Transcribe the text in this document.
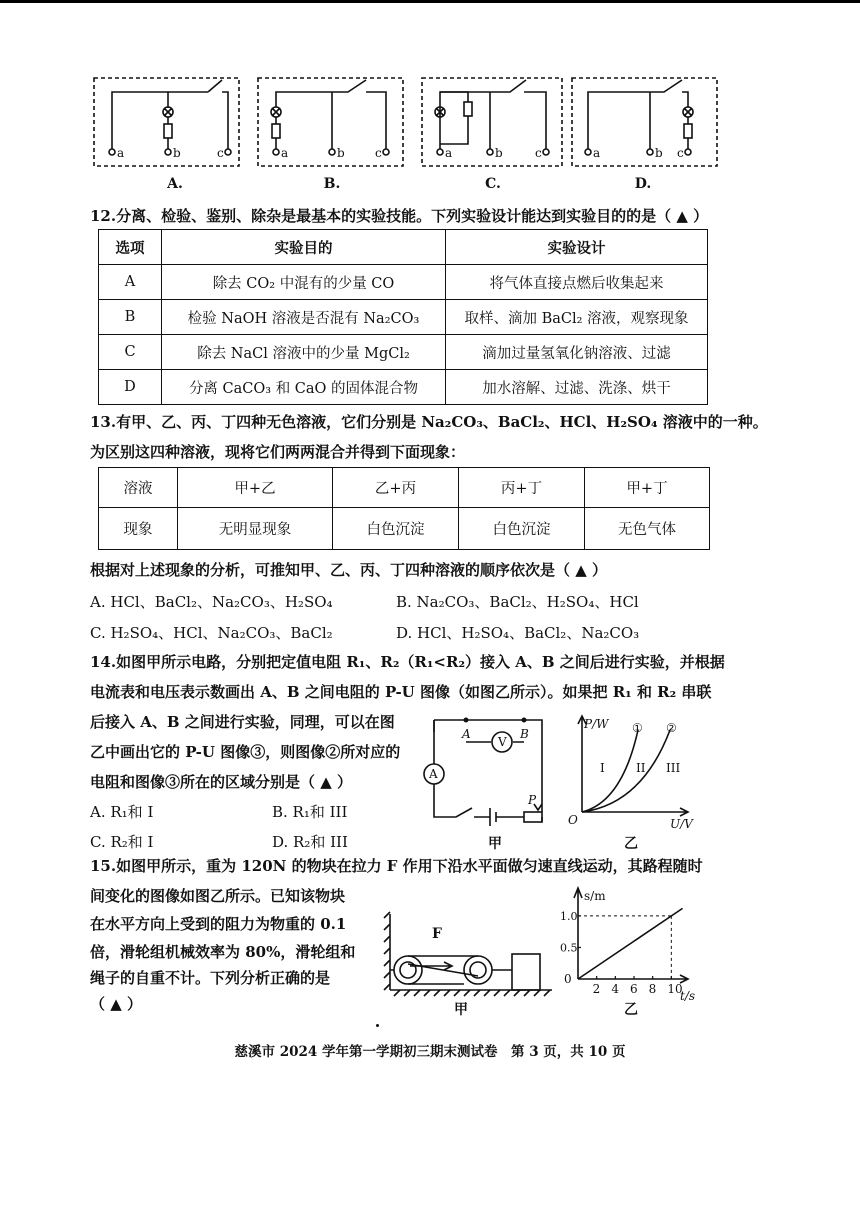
a	b	c	a	b	c	a	b	c	a	b c
A.	B.	C.	D.
12.分离、检验、鉴别、除杂是最基本的实验技能。下列实验设计能达到实验目的的是（ ▲ ）
选项	实验目的	实验设计
A	除去 CO₂ 中混有的少量 CO	将气体直接点燃后收集起来
B	检验 NaOH 溶液是否混有 Na₂CO₃	取样、滴加 BaCl₂ 溶液，观察现象
C	除去 NaCl 溶液中的少量 MgCl₂	滴加过量氢氧化钠溶液、过滤
D	分离 CaCO₃ 和 CaO 的固体混合物	加水溶解、过滤、洗涤、烘干
13.有甲、乙、丙、丁四种无色溶液，它们分别是 Na₂CO₃、BaCl₂、HCl、H₂SO₄ 溶液中的一种。
为区别这四种溶液，现将它们两两混合并得到下面现象：
溶液	甲+乙	乙+丙	丙+丁	甲+丁
现象	无明显现象	白色沉淀	白色沉淀	无色气体
根据对上述现象的分析，可推知甲、乙、丙、丁四种溶液的顺序依次是（ ▲ ）
A. HCl、BaCl₂、Na₂CO₃、H₂SO₄	B. Na₂CO₃、BaCl₂、H₂SO₄、HCl
C. H₂SO₄、HCl、Na₂CO₃、BaCl₂	D. HCl、H₂SO₄、BaCl₂、Na₂CO₃
14.如图甲所示电路，分别把定值电阻 R₁、R₂（R₁<R₂）接入 A、B 之间后进行实验，并根据
电流表和电压表示数画出 A、B 之间电阻的 P-U 图像（如图乙所示）。如果把 R₁ 和 R₂ 串联
后接入 A、B 之间进行实验，同理，可以在图
乙中画出它的 P-U 图像③，则图像②所对应的
电阻和图像③所在的区域分别是（ ▲ ）
A. R₁和 I	B. R₁和 III
C. R₂和 I	D. R₂和 III
A	B
P
V
A
甲
P/W
U/V
O
① ②
I	II III
乙
15.如图甲所示，重为 120N 的物块在拉力 F 作用下沿水平面做匀速直线运动，其路程随时
间变化的图像如图乙所示。已知该物块
在水平方向上受到的阻力为物重的 0.1
倍，滑轮组机械效率为 80%，滑轮组和
绳子的自重不计。下列分析正确的是
（ ▲ ）
F
甲
2 4 6 8 10
0.5
1.0
s/m
t/s
0
乙
慈溪市 2024 学年第一学期初三期末测试卷　第 3 页，共 10 页
